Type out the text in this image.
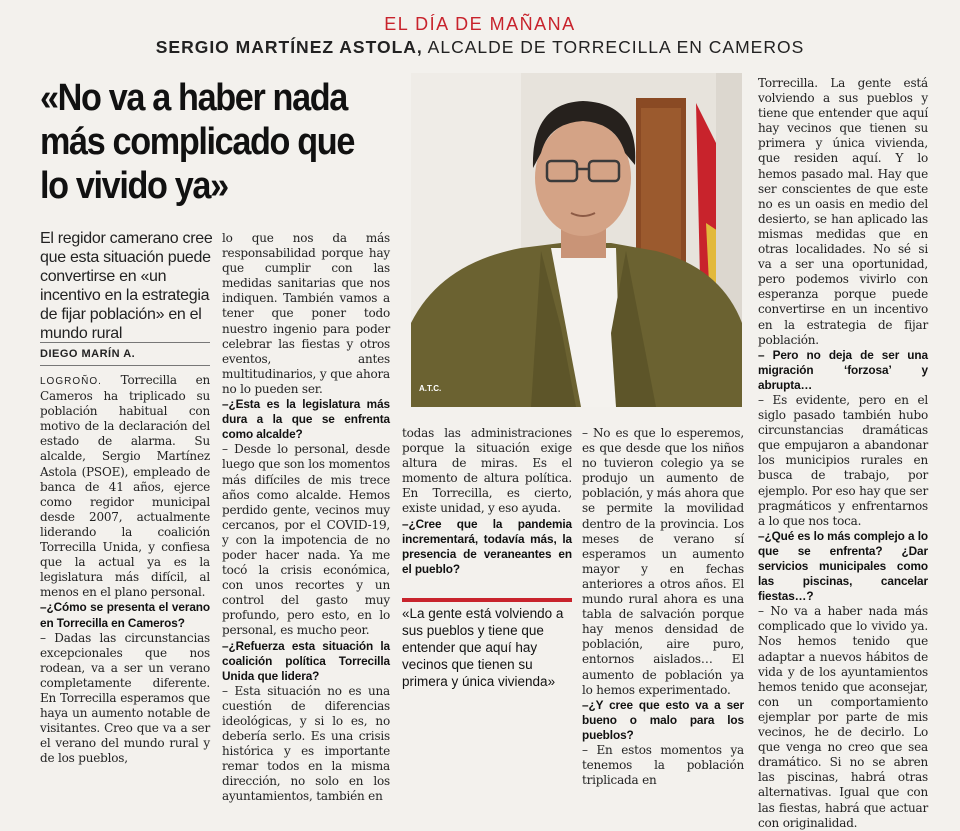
EL DÍA DE MAÑANA
SERGIO MARTÍNEZ ASTOLA, ALCALDE DE TORRECILLA EN CAMEROS
«No va a haber nada más complicado que lo vivido ya»
El regidor camerano cree que esta situación puede convertirse en «un incentivo en la estrategia de fijar población» en el mundo rural
DIEGO MARÍN A.

LOGROÑO. Torrecilla en Cameros ha triplicado su población habitual con motivo de la declaración del estado de alarma. Su alcalde, Sergio Martínez Astola (PSOE), empleado de banca de 41 años, ejerce como regidor municipal desde 2007, actualmente liderando la coalición Torrecilla Unida, y confiesa que la actual ya es la legislatura más difícil, al menos en el plano personal.

–¿Cómo se presenta el verano en Torrecilla en Cameros?

– Dadas las circunstancias excepcionales que nos rodean, va a ser un verano completamente diferente. En Torrecilla esperamos que haya un aumento notable de visitantes. Creo que va a ser el verano del mundo rural y de los pueblos,

lo que nos da más responsabilidad porque hay que cumplir con las medidas sanitarias que nos indiquen. También vamos a tener que poner todo nuestro ingenio para poder celebrar las fiestas y otros eventos, antes multitudinarios, y que ahora no lo pueden ser.

–¿Esta es la legislatura más dura a la que se enfrenta como alcalde?

– Desde lo personal, desde luego que son los momentos más difíciles de mis trece años como alcalde. Hemos perdido gente, vecinos muy cercanos, por el COVID-19, y con la impotencia de no poder hacer nada. Ya me tocó la crisis económica, con unos recortes y un control del gasto muy profundo, pero esto, en lo personal, es mucho peor.

–¿Refuerza esta situación la coalición política Torrecilla Unida que lidera?

– Esta situación no es una cuestión de diferencias ideológicas, y si lo es, no debería serlo. Es una crisis histórica y es importante remar todos en la misma dirección, no solo en los ayuntamientos, también en

A.T.C.

todas las administraciones porque la situación exige altura de miras. Es el momento de altura política. En Torrecilla, es cierto, existe unidad, y eso ayuda.

–¿Cree que la pandemia incrementará, todavía más, la presencia de veraneantes en el pueblo?

«La gente está volviendo a sus pueblos y tiene que entender que aquí hay vecinos que tienen su primera y única vivienda»

– No es que lo esperemos, es que desde que los niños no tuvieron colegio ya se produjo un aumento de población, y más ahora que se permite la movilidad dentro de la provincia. Los meses de verano sí esperamos un aumento mayor y en fechas anteriores a otros años. El mundo rural ahora es una tabla de salvación porque hay menos densidad de población, aire puro, entornos aislados… El aumento de población ya lo hemos experimentado.

–¿Y cree que esto va a ser bueno o malo para los pueblos?

– En estos momentos ya tenemos la población triplicada en

Torrecilla. La gente está volviendo a sus pueblos y tiene que entender que aquí hay vecinos que tienen su primera y única vivienda, que residen aquí. Y lo hemos pasado mal. Hay que ser conscientes de que este no es un oasis en medio del desierto, se han aplicado las mismas medidas que en otras localidades. No sé si va a ser una oportunidad, pero podemos vivirlo con esperanza porque puede convertirse en un incentivo en la estrategia de fijar población.

– Pero no deja de ser una migración ‘forzosa’ y abrupta…

– Es evidente, pero en el siglo pasado también hubo circunstancias dramáticas que empujaron a abandonar los municipios rurales en busca de trabajo, por ejemplo. Por eso hay que ser pragmáticos y enfrentarnos a lo que nos toca.

–¿Qué es lo más complejo a lo que se enfrenta? ¿Dar servicios municipales como las piscinas, cancelar fiestas…?

– No va a haber nada más complicado que lo vivido ya. Nos hemos tenido que adaptar a nuevos hábitos de vida y de los ayuntamientos hemos tenido que aconsejar, con un comportamiento ejemplar por parte de mis vecinos, he de decirlo. Lo que venga no creo que sea dramático. Si no se abren las piscinas, habrá otras alternativas. Igual que con las fiestas, habrá que actuar con originalidad.
